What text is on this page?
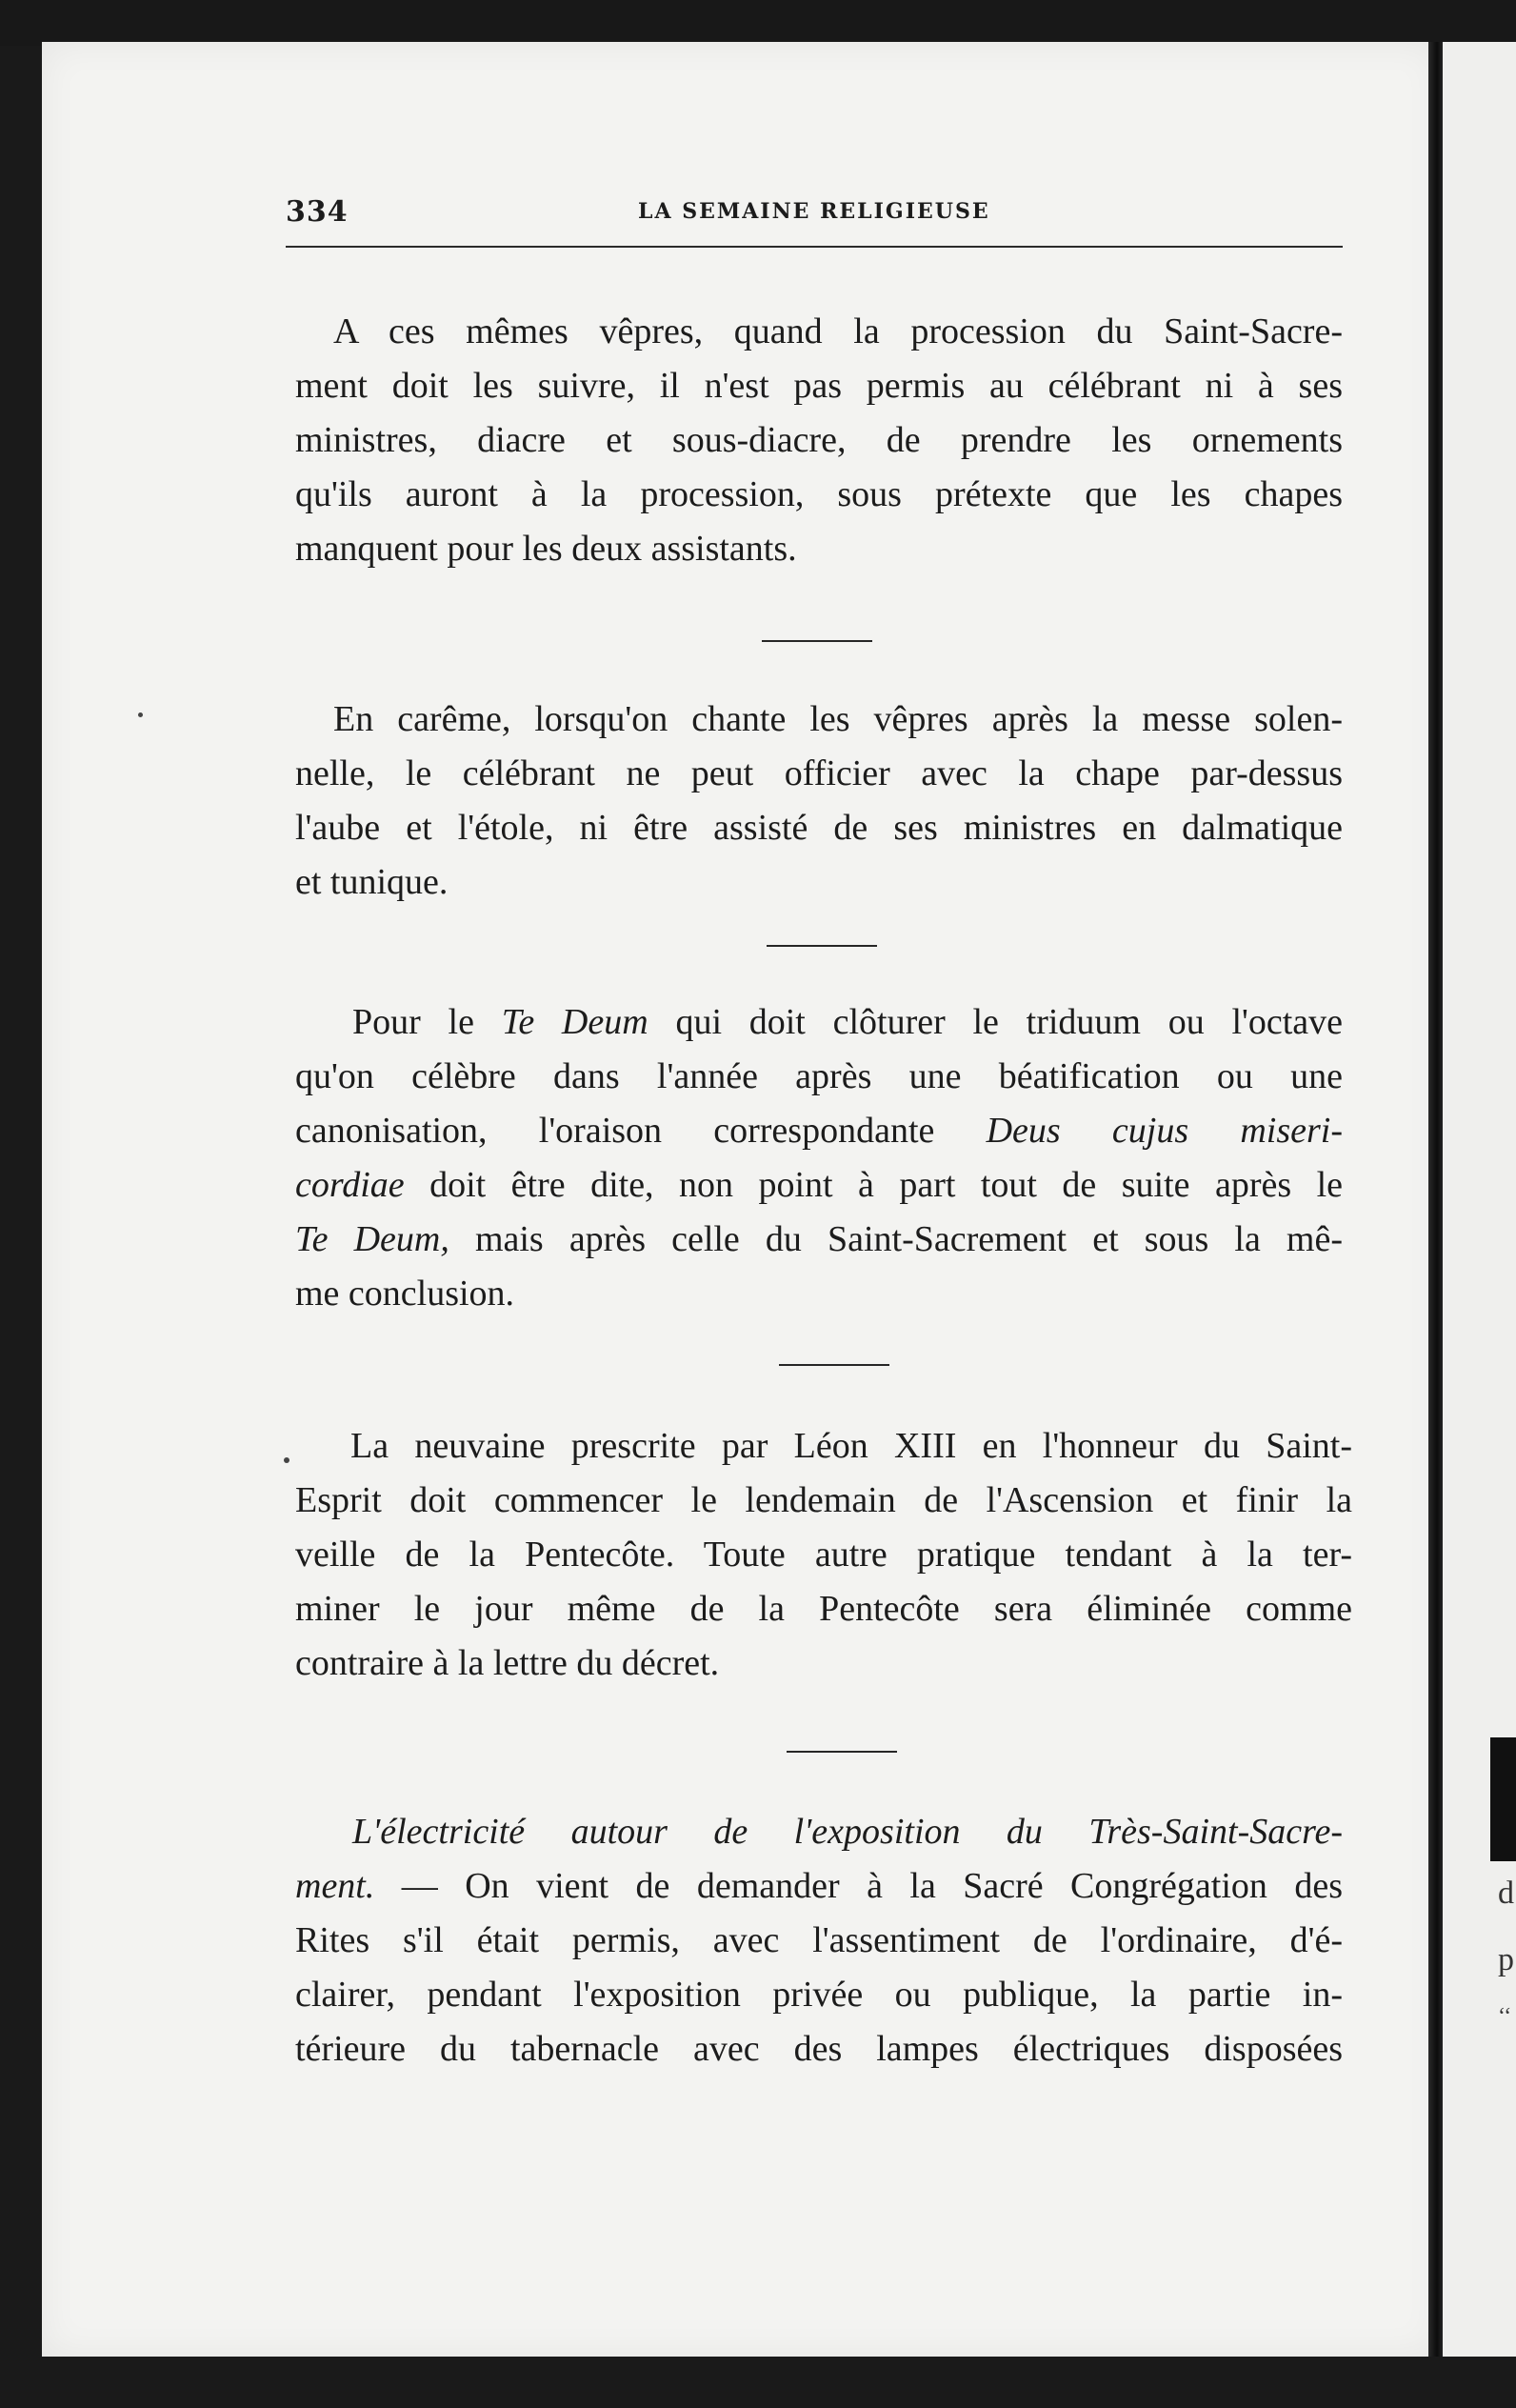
d
p
‘‘
334	LA SEMAINE RELIGIEUSE
A ces mêmes vêpres, quand la procession du Saint-Sacre-
ment doit les suivre, il n'est pas permis au célébrant ni à ses
ministres, diacre et sous-diacre, de prendre les ornements
qu'ils auront à la procession, sous prétexte que les chapes
manquent pour les deux assistants.
En carême, lorsqu'on chante les vêpres après la messe solen-
nelle, le célébrant ne peut officier avec la chape par-dessus
l'aube et l'étole, ni être assisté de ses ministres en dalmatique
et tunique.
Pour le Te Deum qui doit clôturer le triduum ou l'octave
qu'on célèbre dans l'année après une béatification ou une
canonisation, l'oraison correspondante Deus cujus miseri-
cordiae doit être dite, non point à part tout de suite après le
Te Deum, mais après celle du Saint-Sacrement et sous la mê-
me conclusion.
La neuvaine prescrite par Léon XIII en l'honneur du Saint-
Esprit doit commencer le lendemain de l'Ascension et finir la
veille de la Pentecôte. Toute autre pratique tendant à la ter-
miner le jour même de la Pentecôte sera éliminée comme
contraire à la lettre du décret.
L'électricité autour de l'exposition du Très-Saint-Sacre-
ment. — On vient de demander à la Sacré Congrégation des
Rites s'il était permis, avec l'assentiment de l'ordinaire, d'é-
clairer, pendant l'exposition privée ou publique, la partie in-
térieure du tabernacle avec des lampes électriques disposées
